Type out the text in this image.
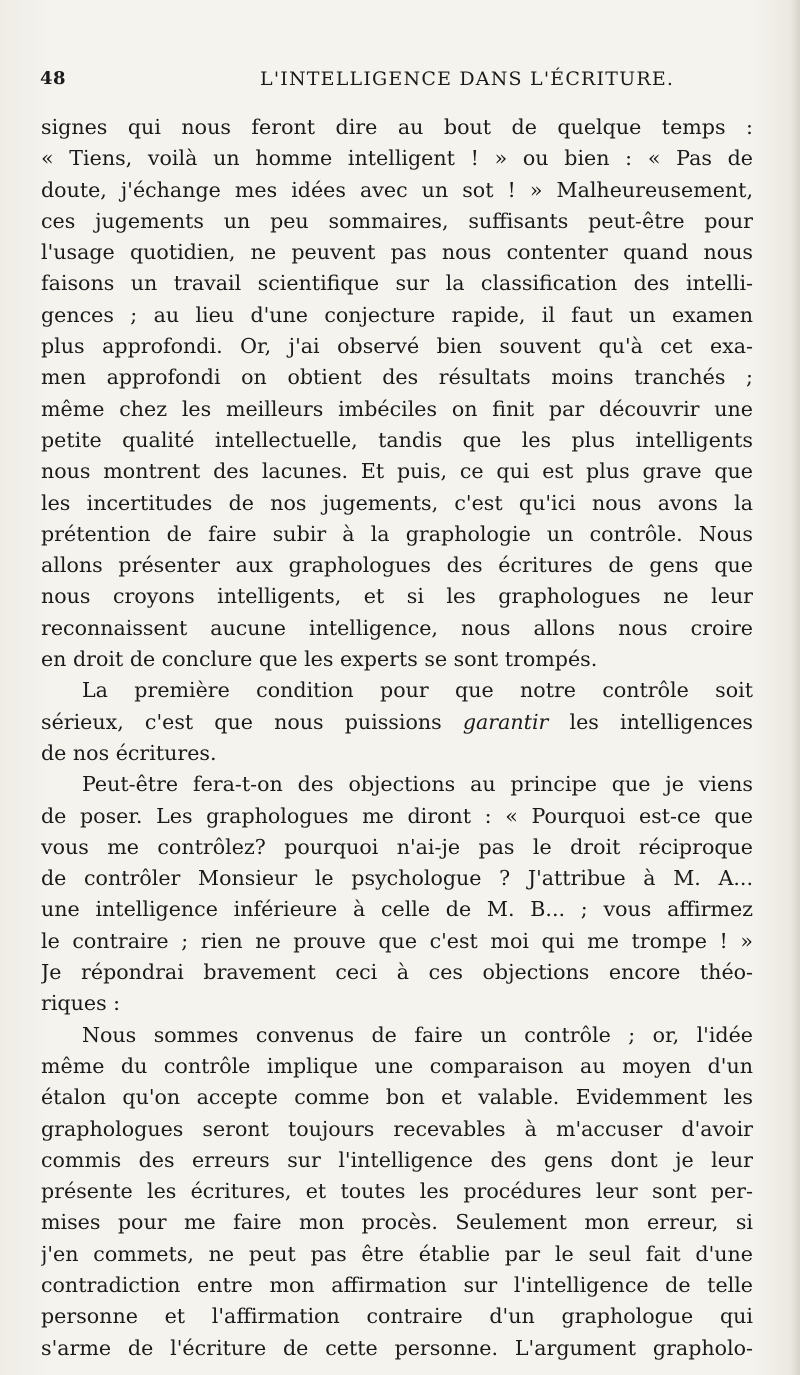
48	L'INTELLIGENCE DANS L'ÉCRITURE.
signes qui nous feront dire au bout de quelque temps :
« Tiens, voilà un homme intelligent ! » ou bien : « Pas de
doute, j'échange mes idées avec un sot ! » Malheureusement,
ces jugements un peu sommaires, suffisants peut-être pour
l'usage quotidien, ne peuvent pas nous contenter quand nous
faisons un travail scientifique sur la classification des intelli-
gences ; au lieu d'une conjecture rapide, il faut un examen
plus approfondi. Or, j'ai observé bien souvent qu'à cet exa-
men approfondi on obtient des résultats moins tranchés ;
même chez les meilleurs imbéciles on finit par découvrir une
petite qualité intellectuelle, tandis que les plus intelligents
nous montrent des lacunes. Et puis, ce qui est plus grave que
les incertitudes de nos jugements, c'est qu'ici nous avons la
prétention de faire subir à la graphologie un contrôle. Nous
allons présenter aux graphologues des écritures de gens que
nous croyons intelligents, et si les graphologues ne leur
reconnaissent aucune intelligence, nous allons nous croire
en droit de conclure que les experts se sont trompés.
La première condition pour que notre contrôle soit
sérieux, c'est que nous puissions garantir les intelligences
de nos écritures.
Peut-être fera-t-on des objections au principe que je viens
de poser. Les graphologues me diront : « Pourquoi est-ce que
vous me contrôlez? pourquoi n'ai-je pas le droit réciproque
de contrôler Monsieur le psychologue ? J'attribue à M. A...
une intelligence inférieure à celle de M. B... ; vous affirmez
le contraire ; rien ne prouve que c'est moi qui me trompe ! »
Je répondrai bravement ceci à ces objections encore théo-
riques :
Nous sommes convenus de faire un contrôle ; or, l'idée
même du contrôle implique une comparaison au moyen d'un
étalon qu'on accepte comme bon et valable. Evidemment les
graphologues seront toujours recevables à m'accuser d'avoir
commis des erreurs sur l'intelligence des gens dont je leur
présente les écritures, et toutes les procédures leur sont per-
mises pour me faire mon procès. Seulement mon erreur, si
j'en commets, ne peut pas être établie par le seul fait d'une
contradiction entre mon affirmation sur l'intelligence de telle
personne et l'affirmation contraire d'un graphologue qui
s'arme de l'écriture de cette personne. L'argument grapholo-
